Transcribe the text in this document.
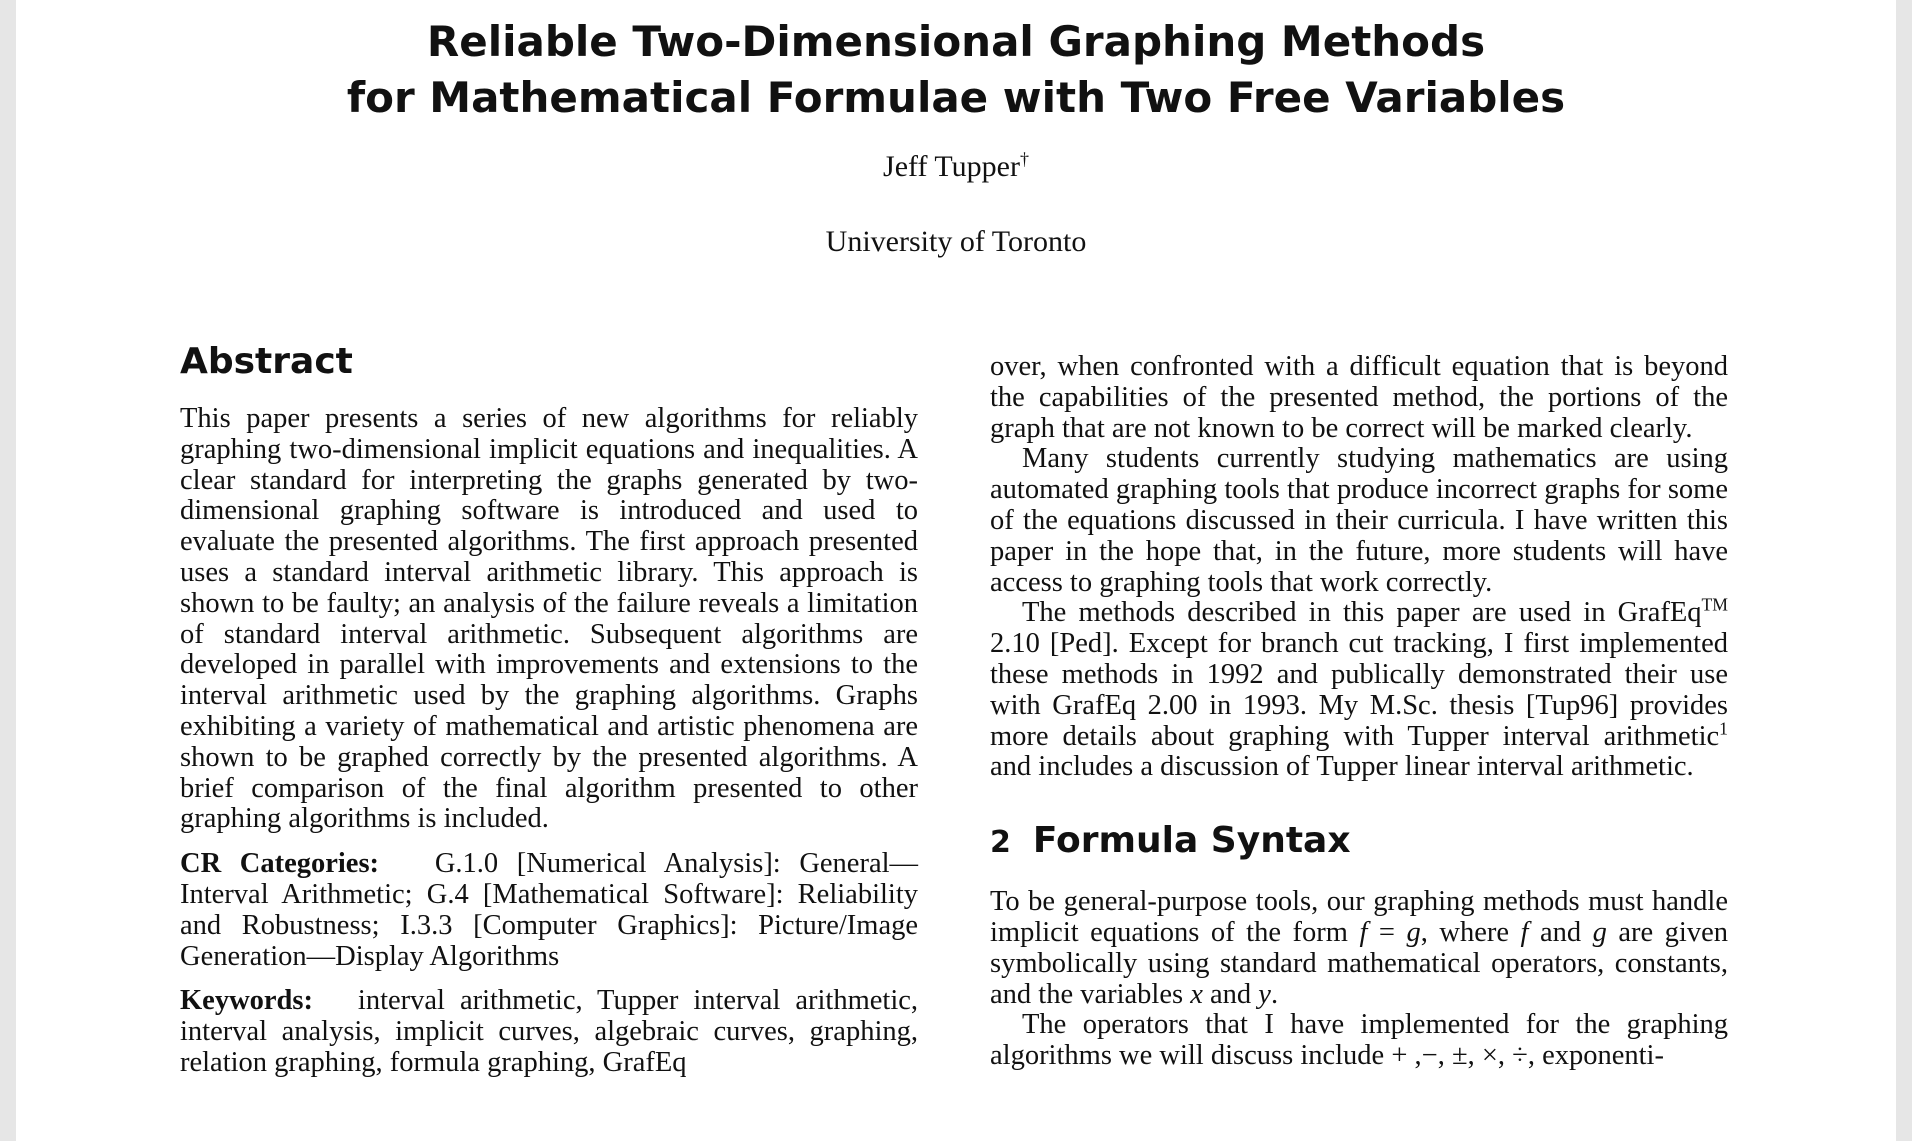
Reliable Two-Dimensional Graphing Methods
for Mathematical Formulae with Two Free Variables
Jeff Tupper†
University of Toronto
Abstract

This paper presents a series of new algorithms for reliably graphing two-dimensional implicit equations and inequalities. A clear standard for interpreting the graphs generated by two-dimensional graphing software is introduced and used to evaluate the presented algorithms. The first approach presented uses a standard interval arithmetic library. This approach is shown to be faulty; an analysis of the failure reveals a limitation of standard interval arithmetic. Subsequent algorithms are developed in parallel with improvements and extensions to the interval arithmetic used by the graphing algorithms. Graphs exhibiting a variety of mathematical and artistic phenomena are shown to be graphed correctly by the presented algorithms. A brief comparison of the final algorithm presented to other graphing algorithms is included.

CR Categories: G.1.0 [Numerical Analysis]: General—Interval Arithmetic; G.4 [Mathematical Software]: Reliability and Robustness; I.3.3 [Computer Graphics]: Picture/Image Generation—Display Algorithms

Keywords: interval arithmetic, Tupper interval arithmetic, interval analysis, implicit curves, algebraic curves, graphing, relation graphing, formula graphing, GrafEq

over, when confronted with a difficult equation that is beyond the capabilities of the presented method, the portions of the graph that are not known to be correct will be marked clearly.

Many students currently studying mathematics are using automated graphing tools that produce incorrect graphs for some of the equations discussed in their curricula. I have written this paper in the hope that, in the future, more students will have access to graphing tools that work correctly.

The methods described in this paper are used in GrafEq™ 2.10 [Ped]. Except for branch cut tracking, I first implemented these methods in 1992 and publically demonstrated their use with GrafEq 2.00 in 1993. My M.Sc. thesis [Tup96] provides more details about graphing with Tupper interval arithmetic$^1$ and includes a discussion of Tupper linear interval arithmetic.

2 Formula Syntax

To be general-purpose tools, our graphing methods must handle implicit equations of the form f = g, where f and g are given symbolically using standard mathematical operators, constants, and the variables x and y.

The operators that I have implemented for the graphing algorithms we will discuss include + ,−, ±, ×, ÷, exponenti-
